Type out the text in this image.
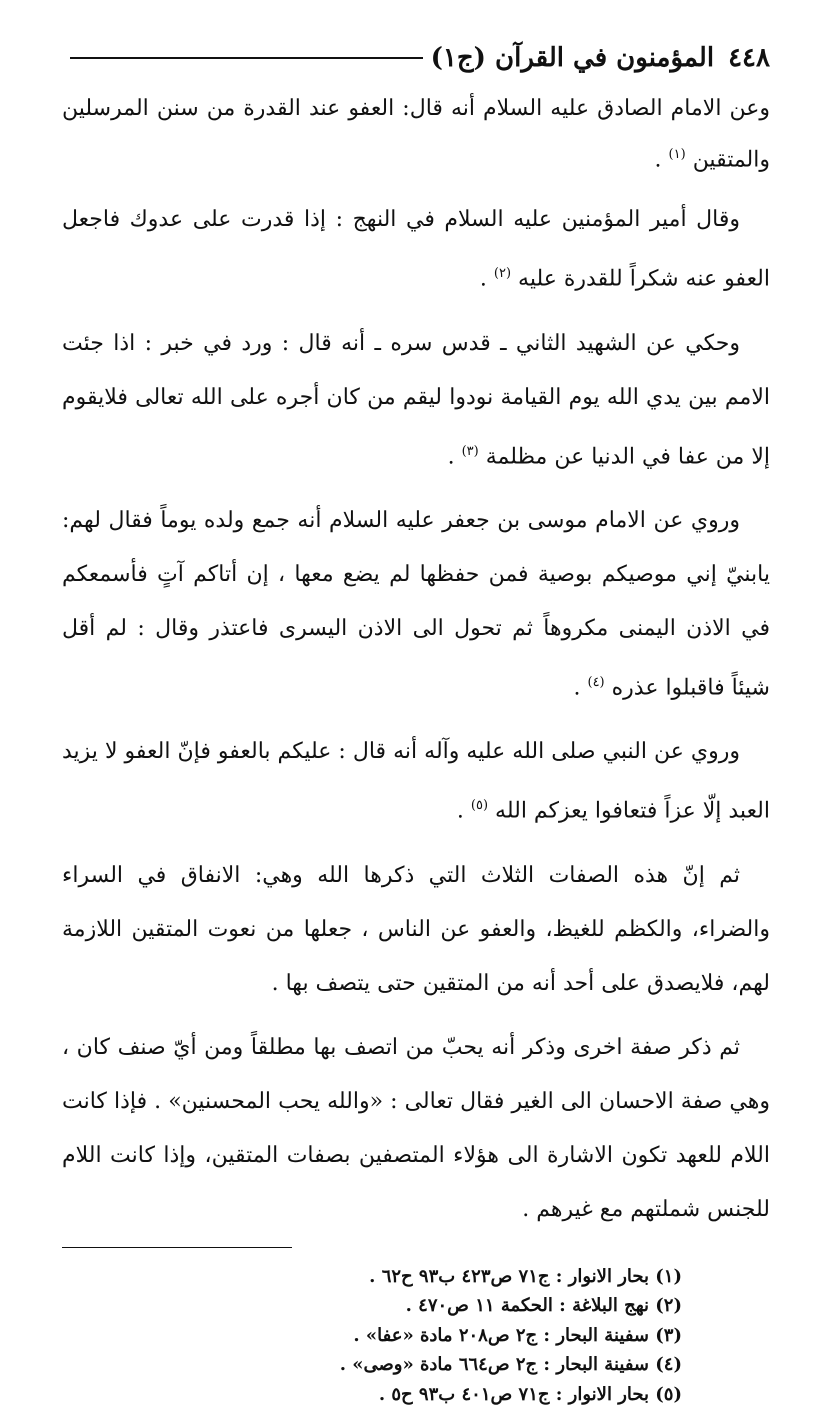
٤٤٨
المؤمنون في القرآن (ج١)

وعن الامام الصادق عليه السلام أنه قال: العفو عند القدرة من سنن المرسلين والمتقين $^{(١)}$ .

وقال أمير المؤمنين عليه السلام في النهج : إذا قدرت على عدوك فاجعل العفو عنه شكراً للقدرة عليه $^{(٢)}$ .

وحكي عن الشهيد الثاني ـ قدس سره ـ أنه قال : ورد في خبر : اذا جئت الامم بين يدي الله يوم القيامة نودوا ليقم من كان أجره على الله تعالى فلايقوم إلا من عفا في الدنيا عن مظلمة $^{(٣)}$ .

وروي عن الامام موسى بن جعفر عليه السلام أنه جمع ولده يوماً فقال لهم: يابنيّ إني موصيكم بوصية فمن حفظها لم يضع معها ، إن أتاكم آتٍ فأسمعكم في الاذن اليمنى مكروهاً ثم تحول الى الاذن اليسرى فاعتذر وقال : لم أقل شيئاً فاقبلوا عذره $^{(٤)}$ .

وروي عن النبي صلى الله عليه وآله أنه قال : عليكم بالعفو فإنّ العفو لا يزيد العبد إلّا عزاً فتعافوا يعزكم الله $^{(٥)}$ .

ثم إنّ هذه الصفات الثلاث التي ذكرها الله وهي: الانفاق في السراء والضراء، والكظم للغيظ، والعفو عن الناس ، جعلها من نعوت المتقين اللازمة لهم، فلايصدق على أحد أنه من المتقين حتى يتصف بها .

ثم ذكر صفة اخرى وذكر أنه يحبّ من اتصف بها مطلقاً ومن أيّ صنف كان ، وهي صفة الاحسان الى الغير فقال تعالى : «والله يحب المحسنين» . فإذا كانت اللام للعهد تكون الاشارة الى هؤلاء المتصفين بصفات المتقين، وإذا كانت اللام للجنس شملتهم مع غيرهم .

(١) بحار الانوار : ج٧١ ص٤٢٣ ب٩٣ ح٦٢ .
(٢) نهج البلاغة : الحكمة ١١ ص٤٧٠ .
(٣) سفينة البحار : ج٢ ص٢٠٨ مادة «عفا» .
(٤) سفينة البحار : ج٢ ص٦٦٤ مادة «وصى» .
(٥) بحار الانوار : ج٧١ ص٤٠١ ب٩٣ ح٥ .
